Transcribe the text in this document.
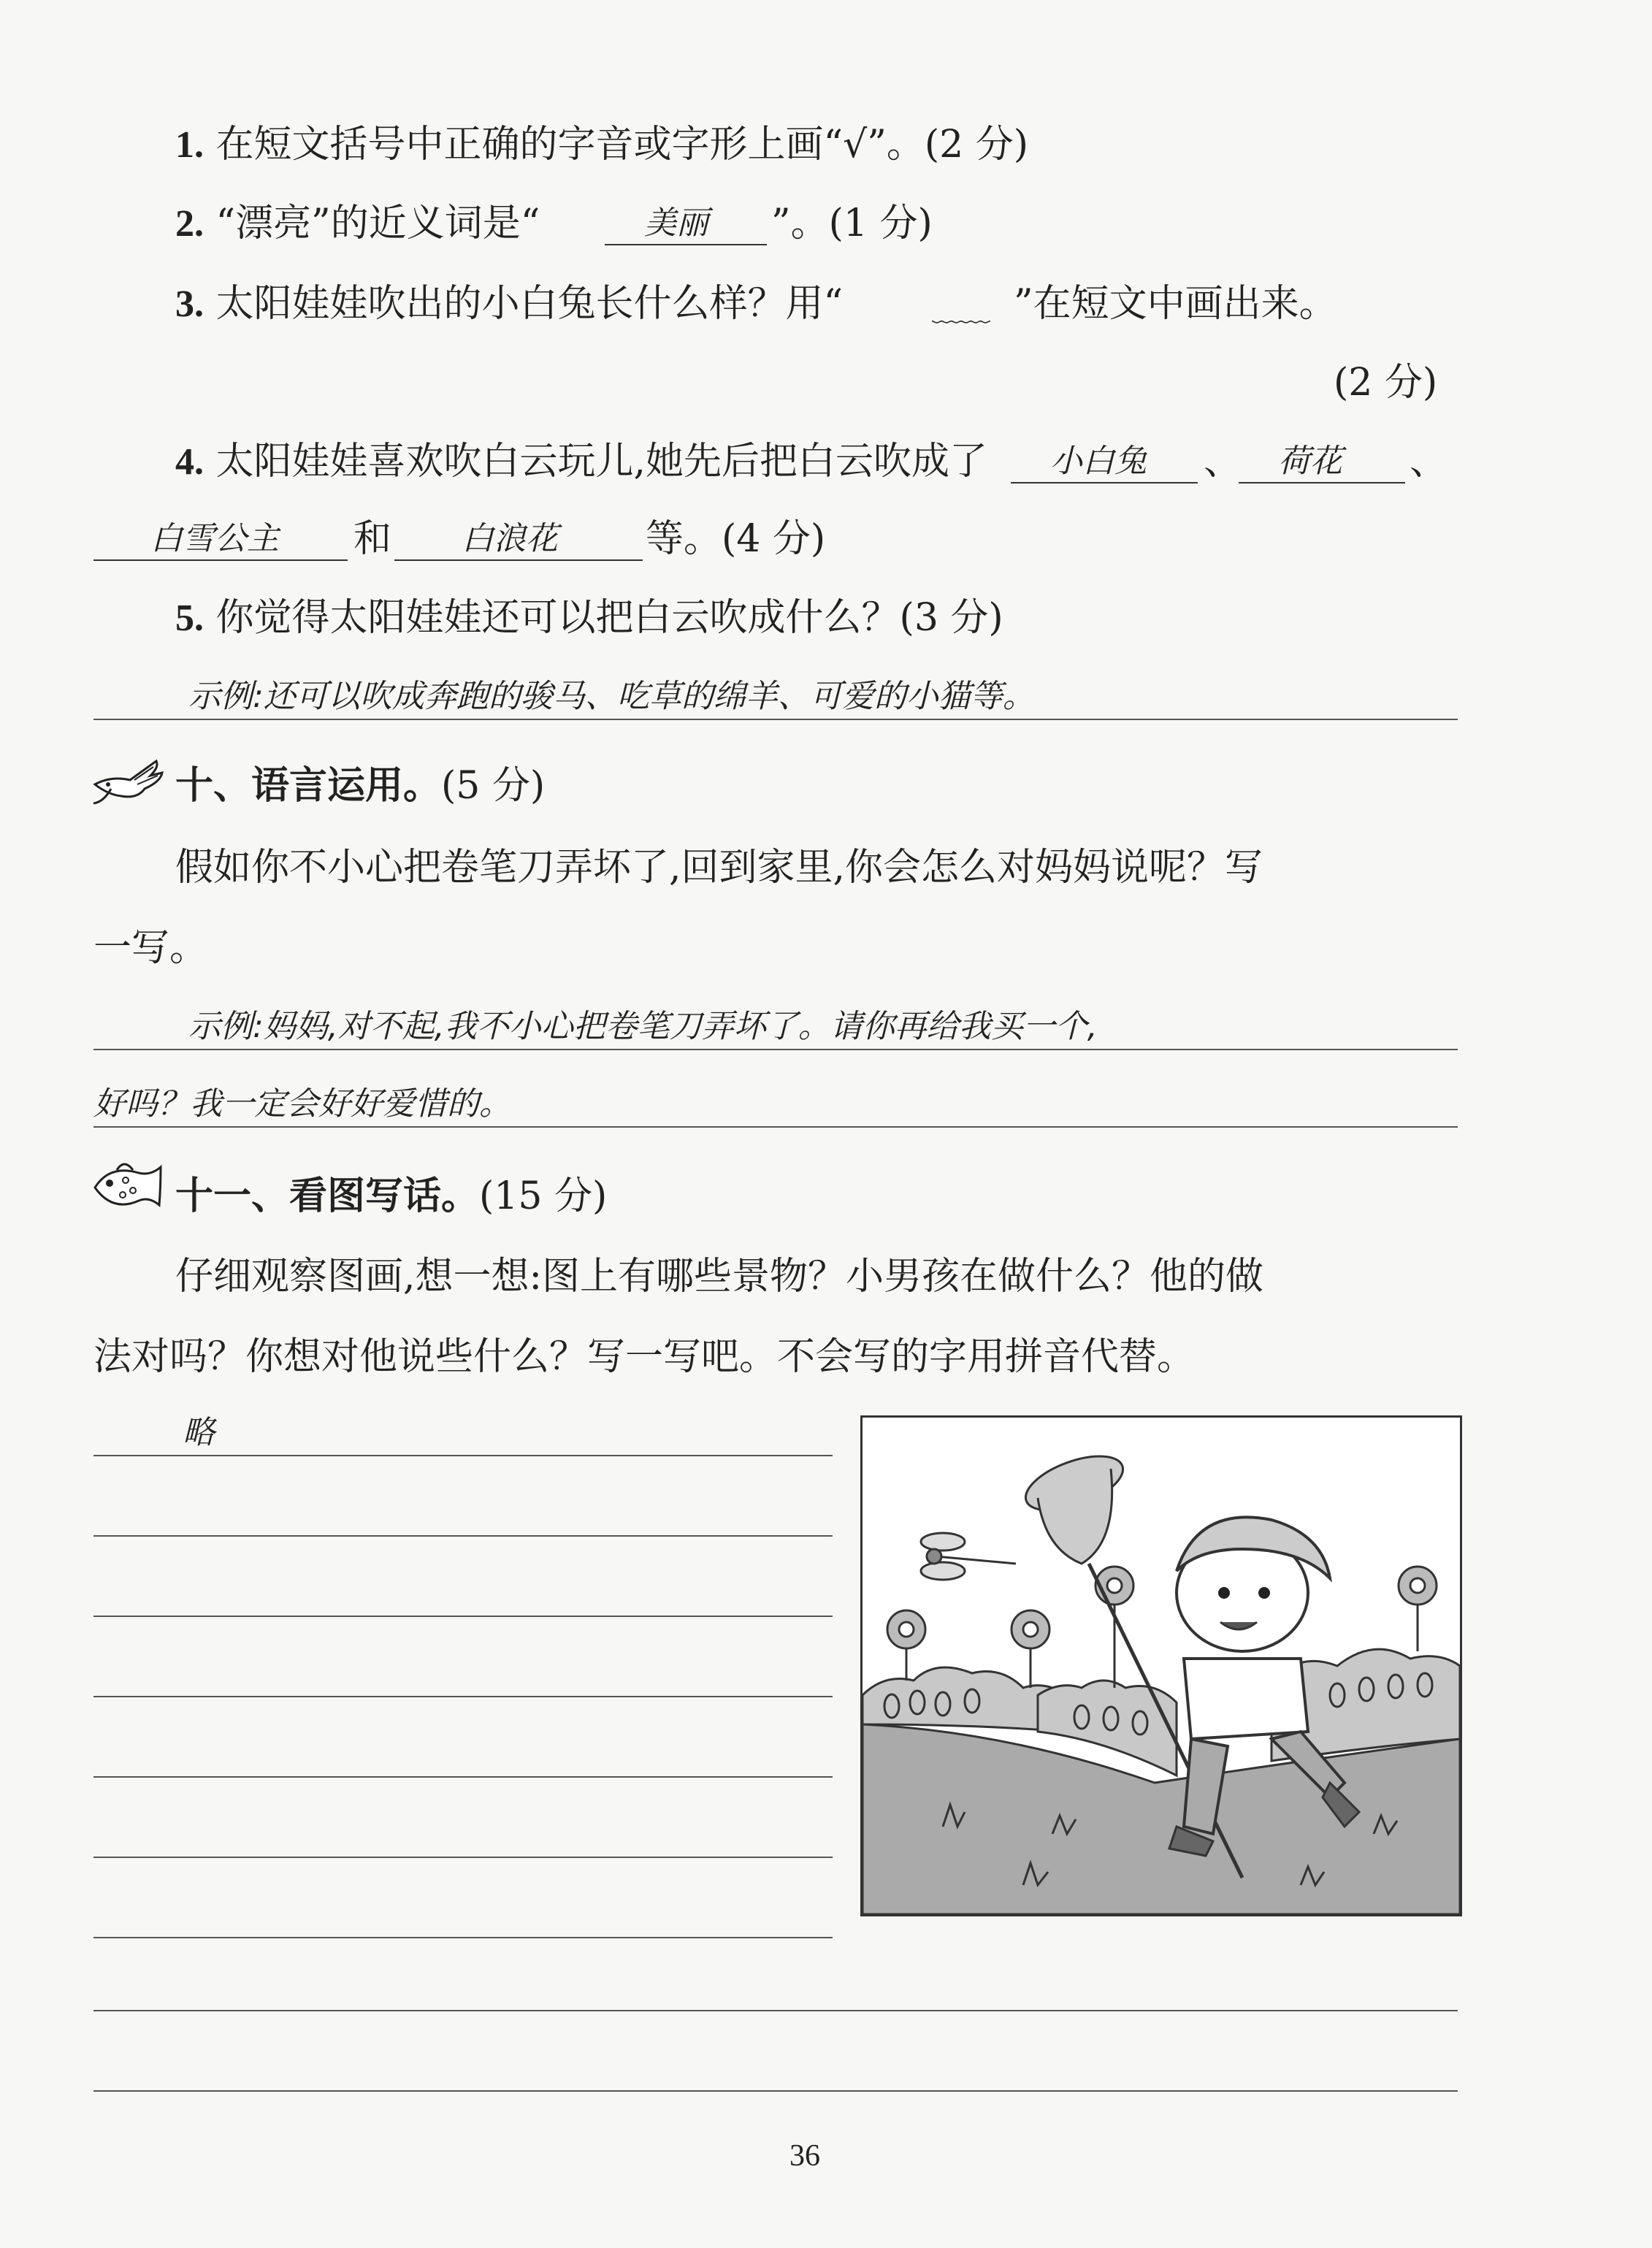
1. 在短文括号中正确的字音或字形上画“√”。(2 分)
2. “漂亮”的近义词是“	美丽 ”。(1 分)
3. 太阳娃娃吹出的小白兔长什么样？用“	﹏﹏ ”在短文中画出来。
(2 分)
4. 太阳娃娃喜欢吹白云玩儿,她先后把白云吹成了 小白兔 、 荷花 、
白雪公主 和 白浪花 等。(4 分)
5. 你觉得太阳娃娃还可以把白云吹成什么？(3 分)
示例:还可以吹成奔跑的骏马、吃草的绵羊、可爱的小猫等。
十、语言运用。(5 分)
假如你不小心把卷笔刀弄坏了,回到家里,你会怎么对妈妈说呢？写
一写。
示例:妈妈,对不起,我不小心把卷笔刀弄坏了。请你再给我买一个,
好吗？我一定会好好爱惜的。
十一、看图写话。(15 分)
仔细观察图画,想一想:图上有哪些景物？小男孩在做什么？他的做
法对吗？你想对他说些什么？写一写吧。不会写的字用拼音代替。
略
36
